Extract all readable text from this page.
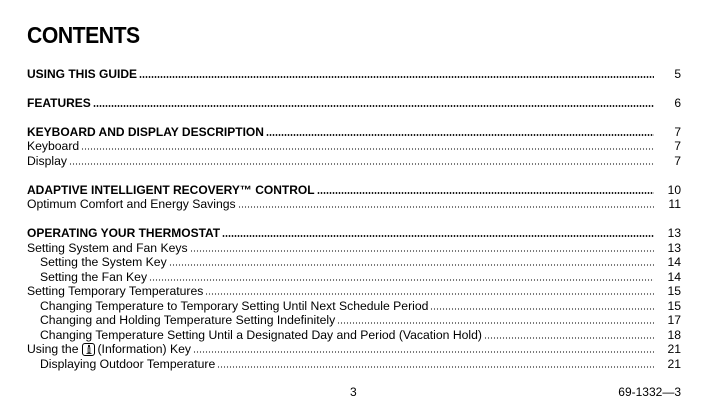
CONTENTS
USING THIS GUIDE	5
FEATURES	6
KEYBOARD AND DISPLAY DESCRIPTION	7
Keyboard	7
Display	7
ADAPTIVE INTELLIGENT RECOVERY™ CONTROL	10
Optimum Comfort and Energy Savings	11
OPERATING YOUR THERMOSTAT	13
Setting System and Fan Keys	13
Setting the System Key	14
Setting the Fan Key	14
Setting Temporary Temperatures	15
Changing Temperature to Temporary Setting Until Next Schedule Period	15
Changing and Holding Temperature Setting Indefinitely	17
Changing Temperature Setting Until a Designated Day and Period (Vacation Hold)	18
Using the (Information) Key	21
Displaying Outdoor Temperature	21
3	69-1332—3
